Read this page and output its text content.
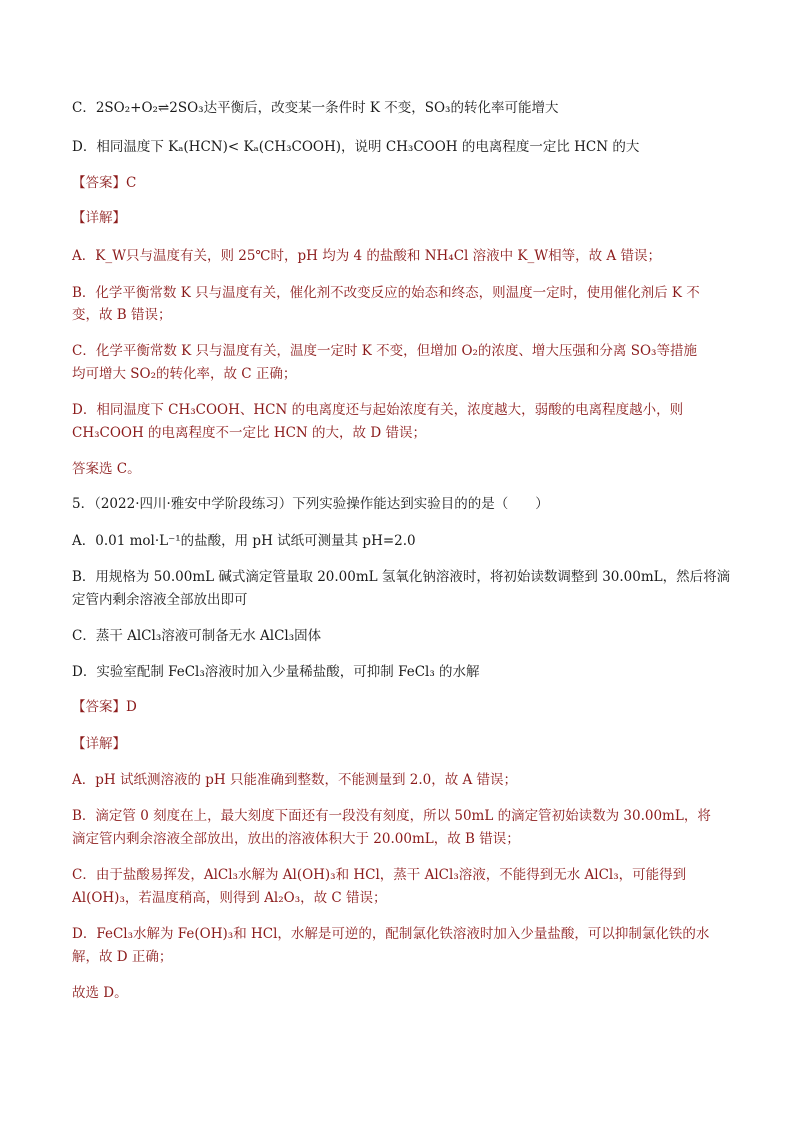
C．2SO₂+O₂⇌2SO₃达平衡后，改变某一条件时 K 不变，SO₃的转化率可能增大
D．相同温度下 Kₐ(HCN)< Kₐ(CH₃COOH)，说明 CH₃COOH 的电离程度一定比 HCN 的大
【答案】C
【详解】
A．K_W只与温度有关，则 25℃时，pH 均为 4 的盐酸和 NH₄Cl 溶液中 K_W相等，故 A 错误；
B．化学平衡常数 K 只与温度有关，催化剂不改变反应的始态和终态，则温度一定时，使用催化剂后 K 不
变，故 B 错误；
C．化学平衡常数 K 只与温度有关，温度一定时 K 不变，但增加 O₂的浓度、增大压强和分离 SO₃等措施
均可增大 SO₂的转化率，故 C 正确；
D．相同温度下 CH₃COOH、HCN 的电离度还与起始浓度有关，浓度越大，弱酸的电离程度越小，则
CH₃COOH 的电离程度不一定比 HCN 的大，故 D 错误；
答案选 C。
5．（2022·四川·雅安中学阶段练习）下列实验操作能达到实验目的的是（　　）
A．0.01 mol·L⁻¹的盐酸，用 pH 试纸可测量其 pH=2.0
B．用规格为 50.00mL 碱式滴定管量取 20.00mL 氢氧化钠溶液时，将初始读数调整到 30.00mL，然后将滴
定管内剩余溶液全部放出即可
C．蒸干 AlCl₃溶液可制备无水 AlCl₃固体
D．实验室配制 FeCl₃溶液时加入少量稀盐酸，可抑制 FeCl₃ 的水解
【答案】D
【详解】
A．pH 试纸测溶液的 pH 只能准确到整数，不能测量到 2.0，故 A 错误；
B．滴定管 0 刻度在上，最大刻度下面还有一段没有刻度，所以 50mL 的滴定管初始读数为 30.00mL，将
滴定管内剩余溶液全部放出，放出的溶液体积大于 20.00mL，故 B 错误；
C．由于盐酸易挥发，AlCl₃水解为 Al(OH)₃和 HCl，蒸干 AlCl₃溶液，不能得到无水 AlCl₃，可能得到
Al(OH)₃，若温度稍高，则得到 Al₂O₃，故 C 错误；
D．FeCl₃水解为 Fe(OH)₃和 HCl，水解是可逆的，配制氯化铁溶液时加入少量盐酸，可以抑制氯化铁的水
解，故 D 正确；
故选 D。
